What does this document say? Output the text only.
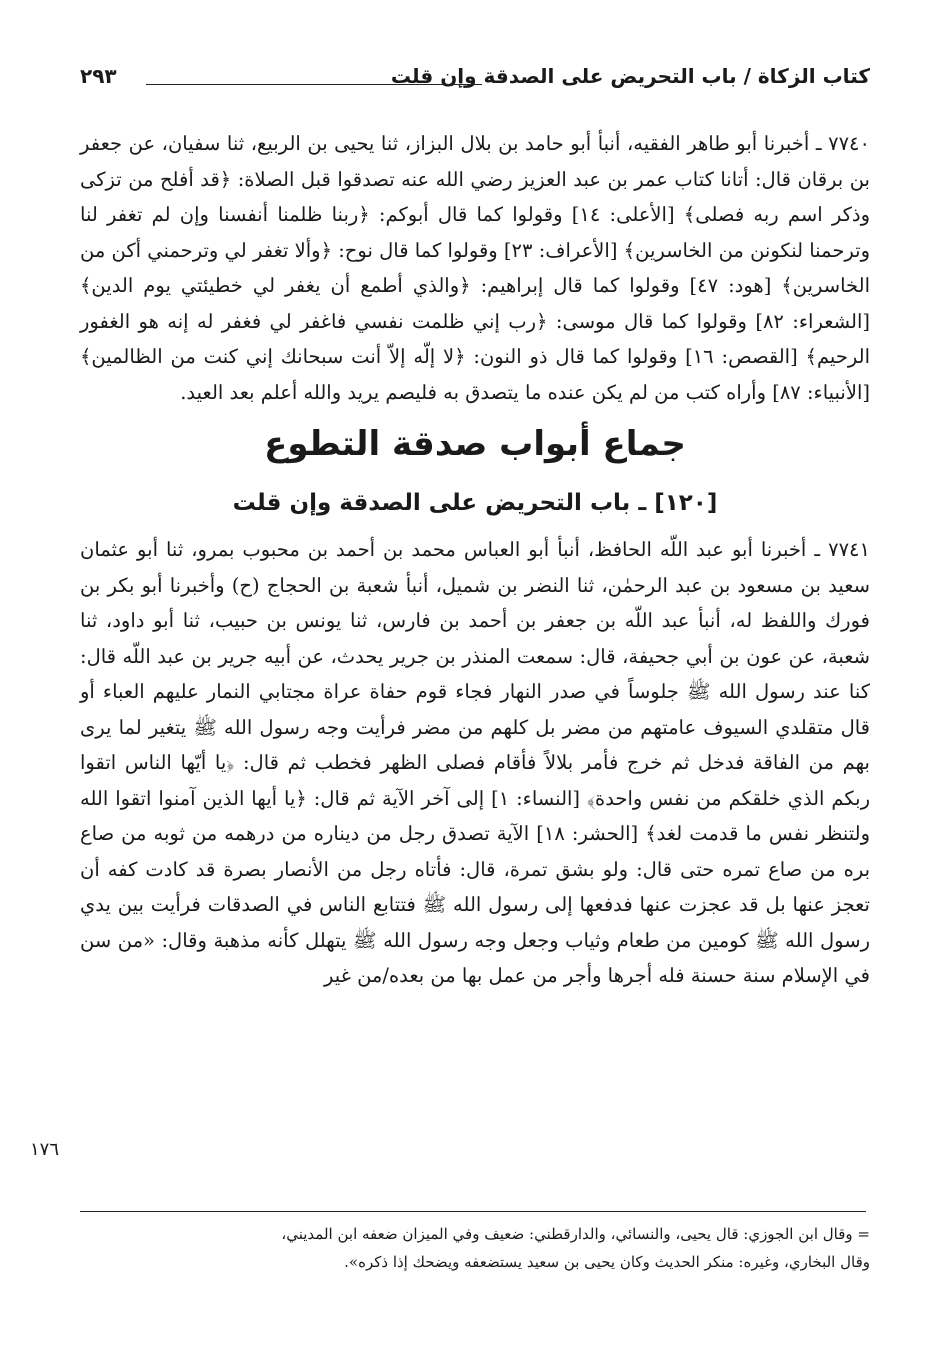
كتاب الزكاة / باب التحريض على الصدقة وإن قلت
٢٩٣

٧٧٤٠ ـ أخبرنا أبو طاهر الفقيه، أنبأ أبو حامد بن بلال البزاز، ثنا يحيى بن الربيع، ثنا سفيان، عن جعفر بن برقان قال: أتانا كتاب عمر بن عبد العزيز رضي الله عنه تصدقوا قبل الصلاة: ﴿قد أفلح من تزكى وذكر اسم ربه فصلى﴾ [الأعلى: ١٤] وقولوا كما قال أبوكم: ﴿ربنا ظلمنا أنفسنا وإن لم تغفر لنا وترحمنا لنكونن من الخاسرين﴾ [الأعراف: ٢٣] وقولوا كما قال نوح: ﴿وألا تغفر لي وترحمني أكن من الخاسرين﴾ [هود: ٤٧] وقولوا كما قال إبراهيم: ﴿والذي أطمع أن يغفر لي خطيئتي يوم الدين﴾ [الشعراء: ٨٢] وقولوا كما قال موسى: ﴿رب إني ظلمت نفسي فاغفر لي فغفر له إنه هو الغفور الرحيم﴾ [القصص: ١٦] وقولوا كما قال ذو النون: ﴿لا إلّه إلاّ أنت سبحانك إني كنت من الظالمين﴾ [الأنبياء: ٨٧] وأراه كتب من لم يكن عنده ما يتصدق به فليصم يريد والله أعلم بعد العيد.

جماع أبواب صدقة التطوع
[١٢٠] ـ باب التحريض على الصدقة وإن قلت

٧٧٤١ ـ أخبرنا أبو عبد اللّه الحافظ، أنبأ أبو العباس محمد بن أحمد بن محبوب بمرو، ثنا أبو عثمان سعيد بن مسعود بن عبد الرحمٰن، ثنا النضر بن شميل، أنبأ شعبة بن الحجاج (ح) وأخبرنا أبو بكر بن فورك واللفظ له، أنبأ عبد اللّه بن جعفر بن أحمد بن فارس، ثنا يونس بن حبيب، ثنا أبو داود، ثنا شعبة، عن عون بن أبي جحيفة، قال: سمعت المنذر بن جرير يحدث، عن أبيه جرير بن عبد اللّه قال: كنا عند رسول الله ﷺ جلوساً في صدر النهار فجاء قوم حفاة عراة مجتابي النمار عليهم العباء أو قال متقلدي السيوف عامتهم من مضر بل كلهم من مضر فرأيت وجه رسول الله ﷺ يتغير لما يرى بهم من الفاقة فدخل ثم خرج فأمر بلالاً فأقام فصلى الظهر فخطب ثم قال: ﴿يا أيّها الناس اتقوا ربكم الذي خلقكم من نفس واحدة﴾ [النساء: ١] إلى آخر الآية ثم قال: ﴿يا أيها الذين آمنوا اتقوا الله ولتنظر نفس ما قدمت لغد﴾ [الحشر: ١٨] الآية تصدق رجل من ديناره من درهمه من ثوبه من صاع بره من صاع تمره حتى قال: ولو بشق تمرة، قال: فأتاه رجل من الأنصار بصرة قد كادت كفه أن تعجز عنها بل قد عجزت عنها فدفعها إلى رسول الله ﷺ فتتابع الناس في الصدقات فرأيت بين يدي رسول الله ﷺ كومين من طعام وثياب وجعل وجه رسول الله ﷺ يتهلل كأنه مذهبة وقال: «من سن في الإسلام سنة حسنة فله أجرها وأجر من عمل بها من بعده/من غير

١٧٦
= وقال ابن الجوزي: قال يحيى، والنسائي، والدارقطني: ضعيف وفي الميزان ضعفه ابن المديني،
وقال البخاري، وغيره: منكر الحديث وكان يحيى بن سعيد يستضعفه ويضحك إذا ذكره».
